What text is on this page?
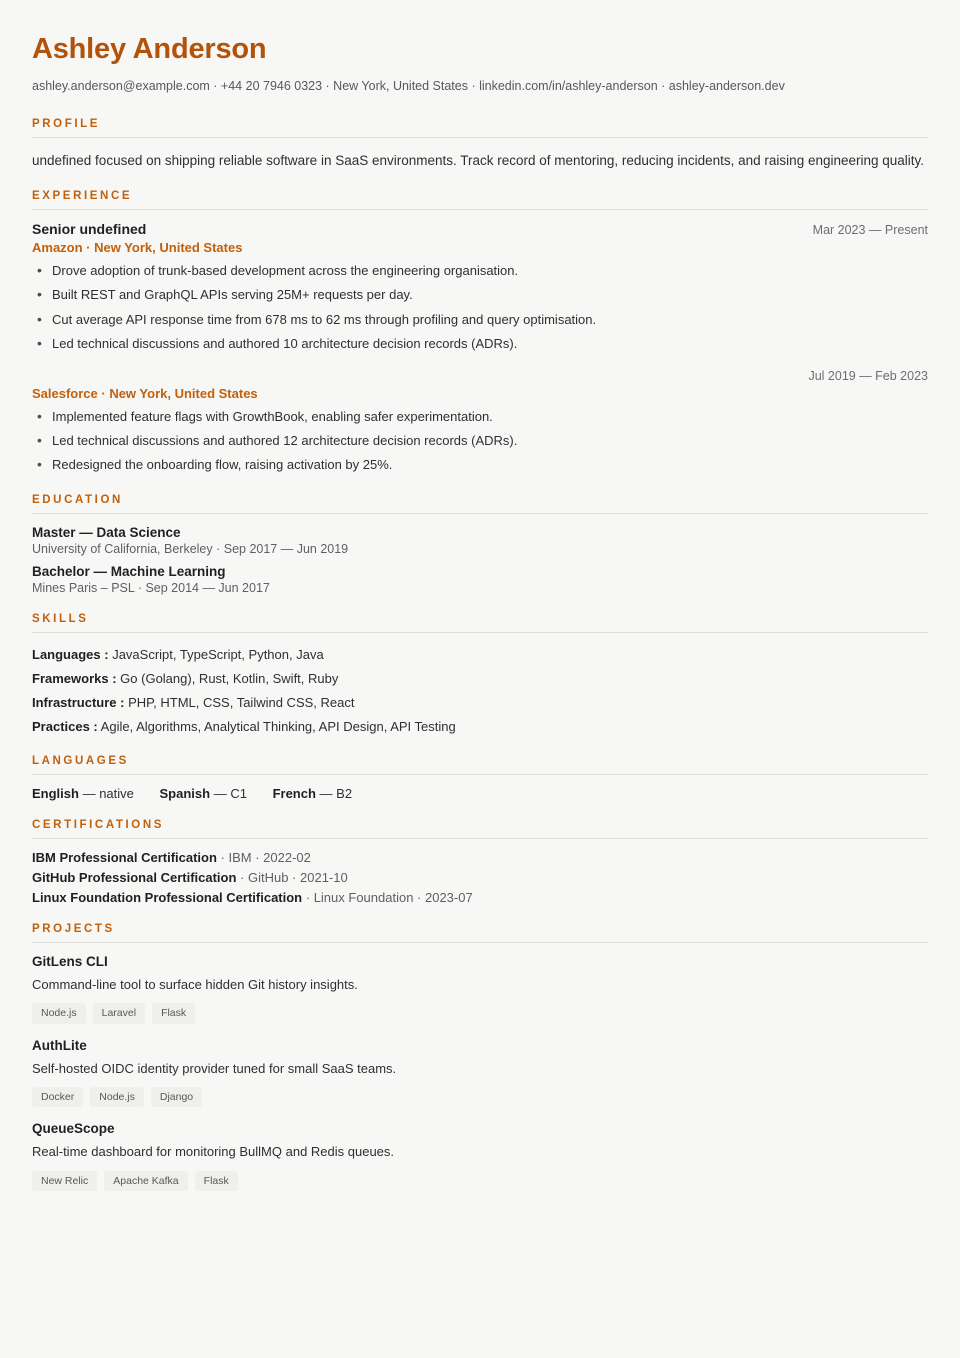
Ashley Anderson
ashley.anderson@example.com · +44 20 7946 0323 · New York, United States · linkedin.com/in/ashley-anderson · ashley-anderson.dev
PROFILE
undefined focused on shipping reliable software in SaaS environments. Track record of mentoring, reducing incidents, and raising engineering quality.
EXPERIENCE
Senior undefined	Mar 2023 — Present
Amazon · New York, United States
• Drove adoption of trunk-based development across the engineering organisation.
• Built REST and GraphQL APIs serving 25M+ requests per day.
• Cut average API response time from 678 ms to 62 ms through profiling and query optimisation.
• Led technical discussions and authored 10 architecture decision records (ADRs).
Jul 2019 — Feb 2023
Salesforce · New York, United States
• Implemented feature flags with GrowthBook, enabling safer experimentation.
• Led technical discussions and authored 12 architecture decision records (ADRs).
• Redesigned the onboarding flow, raising activation by 25%.
EDUCATION
Master — Data Science
University of California, Berkeley · Sep 2017 — Jun 2019
Bachelor — Machine Learning
Mines Paris – PSL · Sep 2014 — Jun 2017
SKILLS
Languages : JavaScript, TypeScript, Python, Java
Frameworks : Go (Golang), Rust, Kotlin, Swift, Ruby
Infrastructure : PHP, HTML, CSS, Tailwind CSS, React
Practices : Agile, Algorithms, Analytical Thinking, API Design, API Testing
LANGUAGES
English — native Spanish — C1 French — B2
CERTIFICATIONS
IBM Professional Certification · IBM · 2022-02
GitHub Professional Certification · GitHub · 2021-10
Linux Foundation Professional Certification · Linux Foundation · 2023-07
PROJECTS
GitLens CLI
Command-line tool to surface hidden Git history insights.
Node.js	Laravel	Flask
AuthLite
Self-hosted OIDC identity provider tuned for small SaaS teams.
Docker	Node.js	Django
QueueScope
Real-time dashboard for monitoring BullMQ and Redis queues.
New Relic	Apache Kafka	Flask
